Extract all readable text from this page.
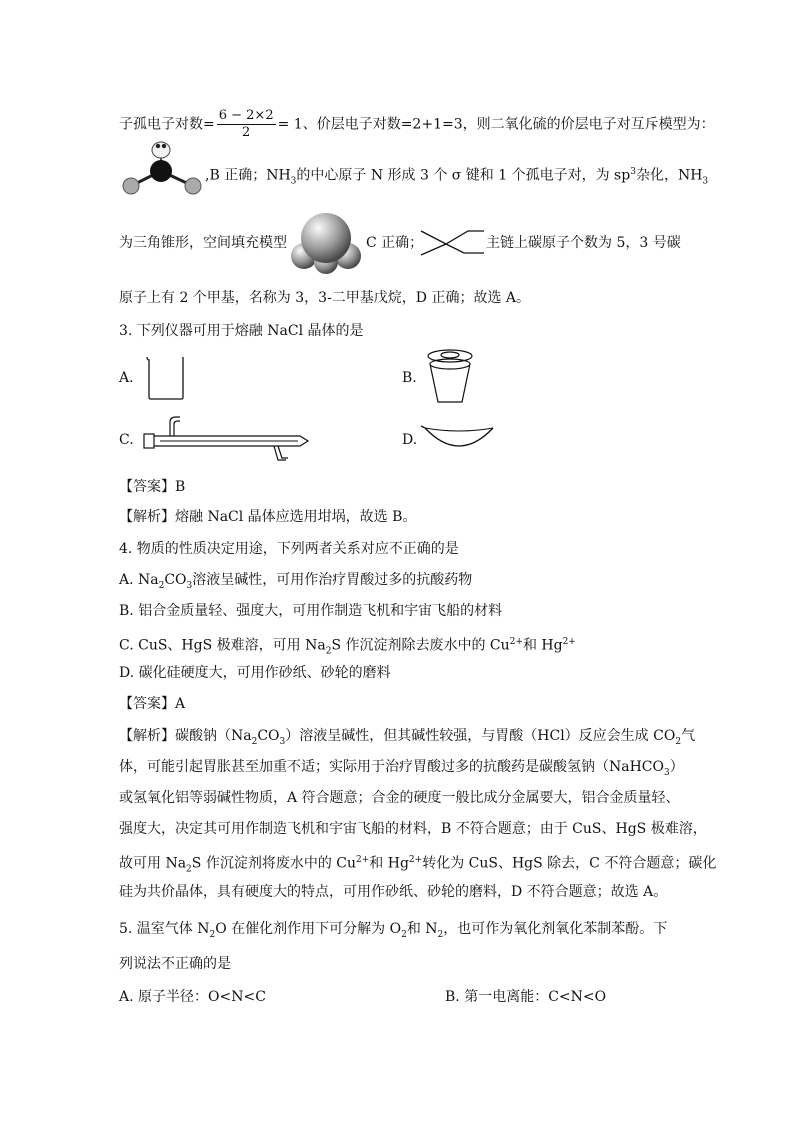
子孤电子对数= $\frac{6 - 2\times 2}{2} = 1$、价层电子对数=2+1=3，则二氧化硫的价层电子对互斥模型为：
,B 正确；$NH_3$的中心原子 N 形成 3 个 σ 键和 1 个孤电子对，为 $sp^3$杂化，$NH_3$
为三角锥形，空间填充模型	C 正确；	主链上碳原子个数为 5，3 号碳
原子上有 2 个甲基，名称为 3，3-二甲基戊烷，D 正确；故选 A。
3. 下列仪器可用于熔融 NaCl 晶体的是
A.	B.
C.	D.
【答案】B
【解析】熔融 NaCl 晶体应选用坩埚，故选 B。
4. 物质的性质决定用途，下列两者关系对应不正确的是
A. $Na_2CO_3$溶液呈碱性，可用作治疗胃酸过多的抗酸药物
B. 铝合金质量轻、强度大，可用作制造飞机和宇宙飞船的材料
C. CuS、HgS 极难溶，可用 $Na_2S$ 作沉淀剂除去废水中的 $Cu^{2+}$和 $Hg^{2+}$
D. 碳化硅硬度大，可用作砂纸、砂轮的磨料
【答案】A
【解析】碳酸钠$(Na_2CO_3)$溶液呈碱性，但其碱性较强，与胃酸（HCl）反应会生成 $CO_2$气
体，可能引起胃胀甚至加重不适；实际用于治疗胃酸过多的抗酸药是碳酸氢钠（NaHCO$_3$）
或氢氧化铝等弱碱性物质，A 符合题意；合金的硬度一般比成分金属要大，铝合金质量轻、
强度大，决定其可用作制造飞机和宇宙飞船的材料，B 不符合题意；由于 CuS、HgS 极难溶，
故可用 $Na_2S$ 作沉淀剂将废水中的 $Cu^{2+}$和 $Hg^{2+}$转化为 CuS、HgS 除去，C 不符合题意；碳化
硅为共价晶体，具有硬度大的特点，可用作砂纸、砂轮的磨料，D 不符合题意；故选 A。
5. 温室气体 $N_2O$ 在催化剂作用下可分解为 $O_2$和 $N_2$，也可作为氧化剂氧化苯制苯酚。下
列说法不正确的是
A. 原子半径：O<N<C	B. 第一电离能：C<N<O
